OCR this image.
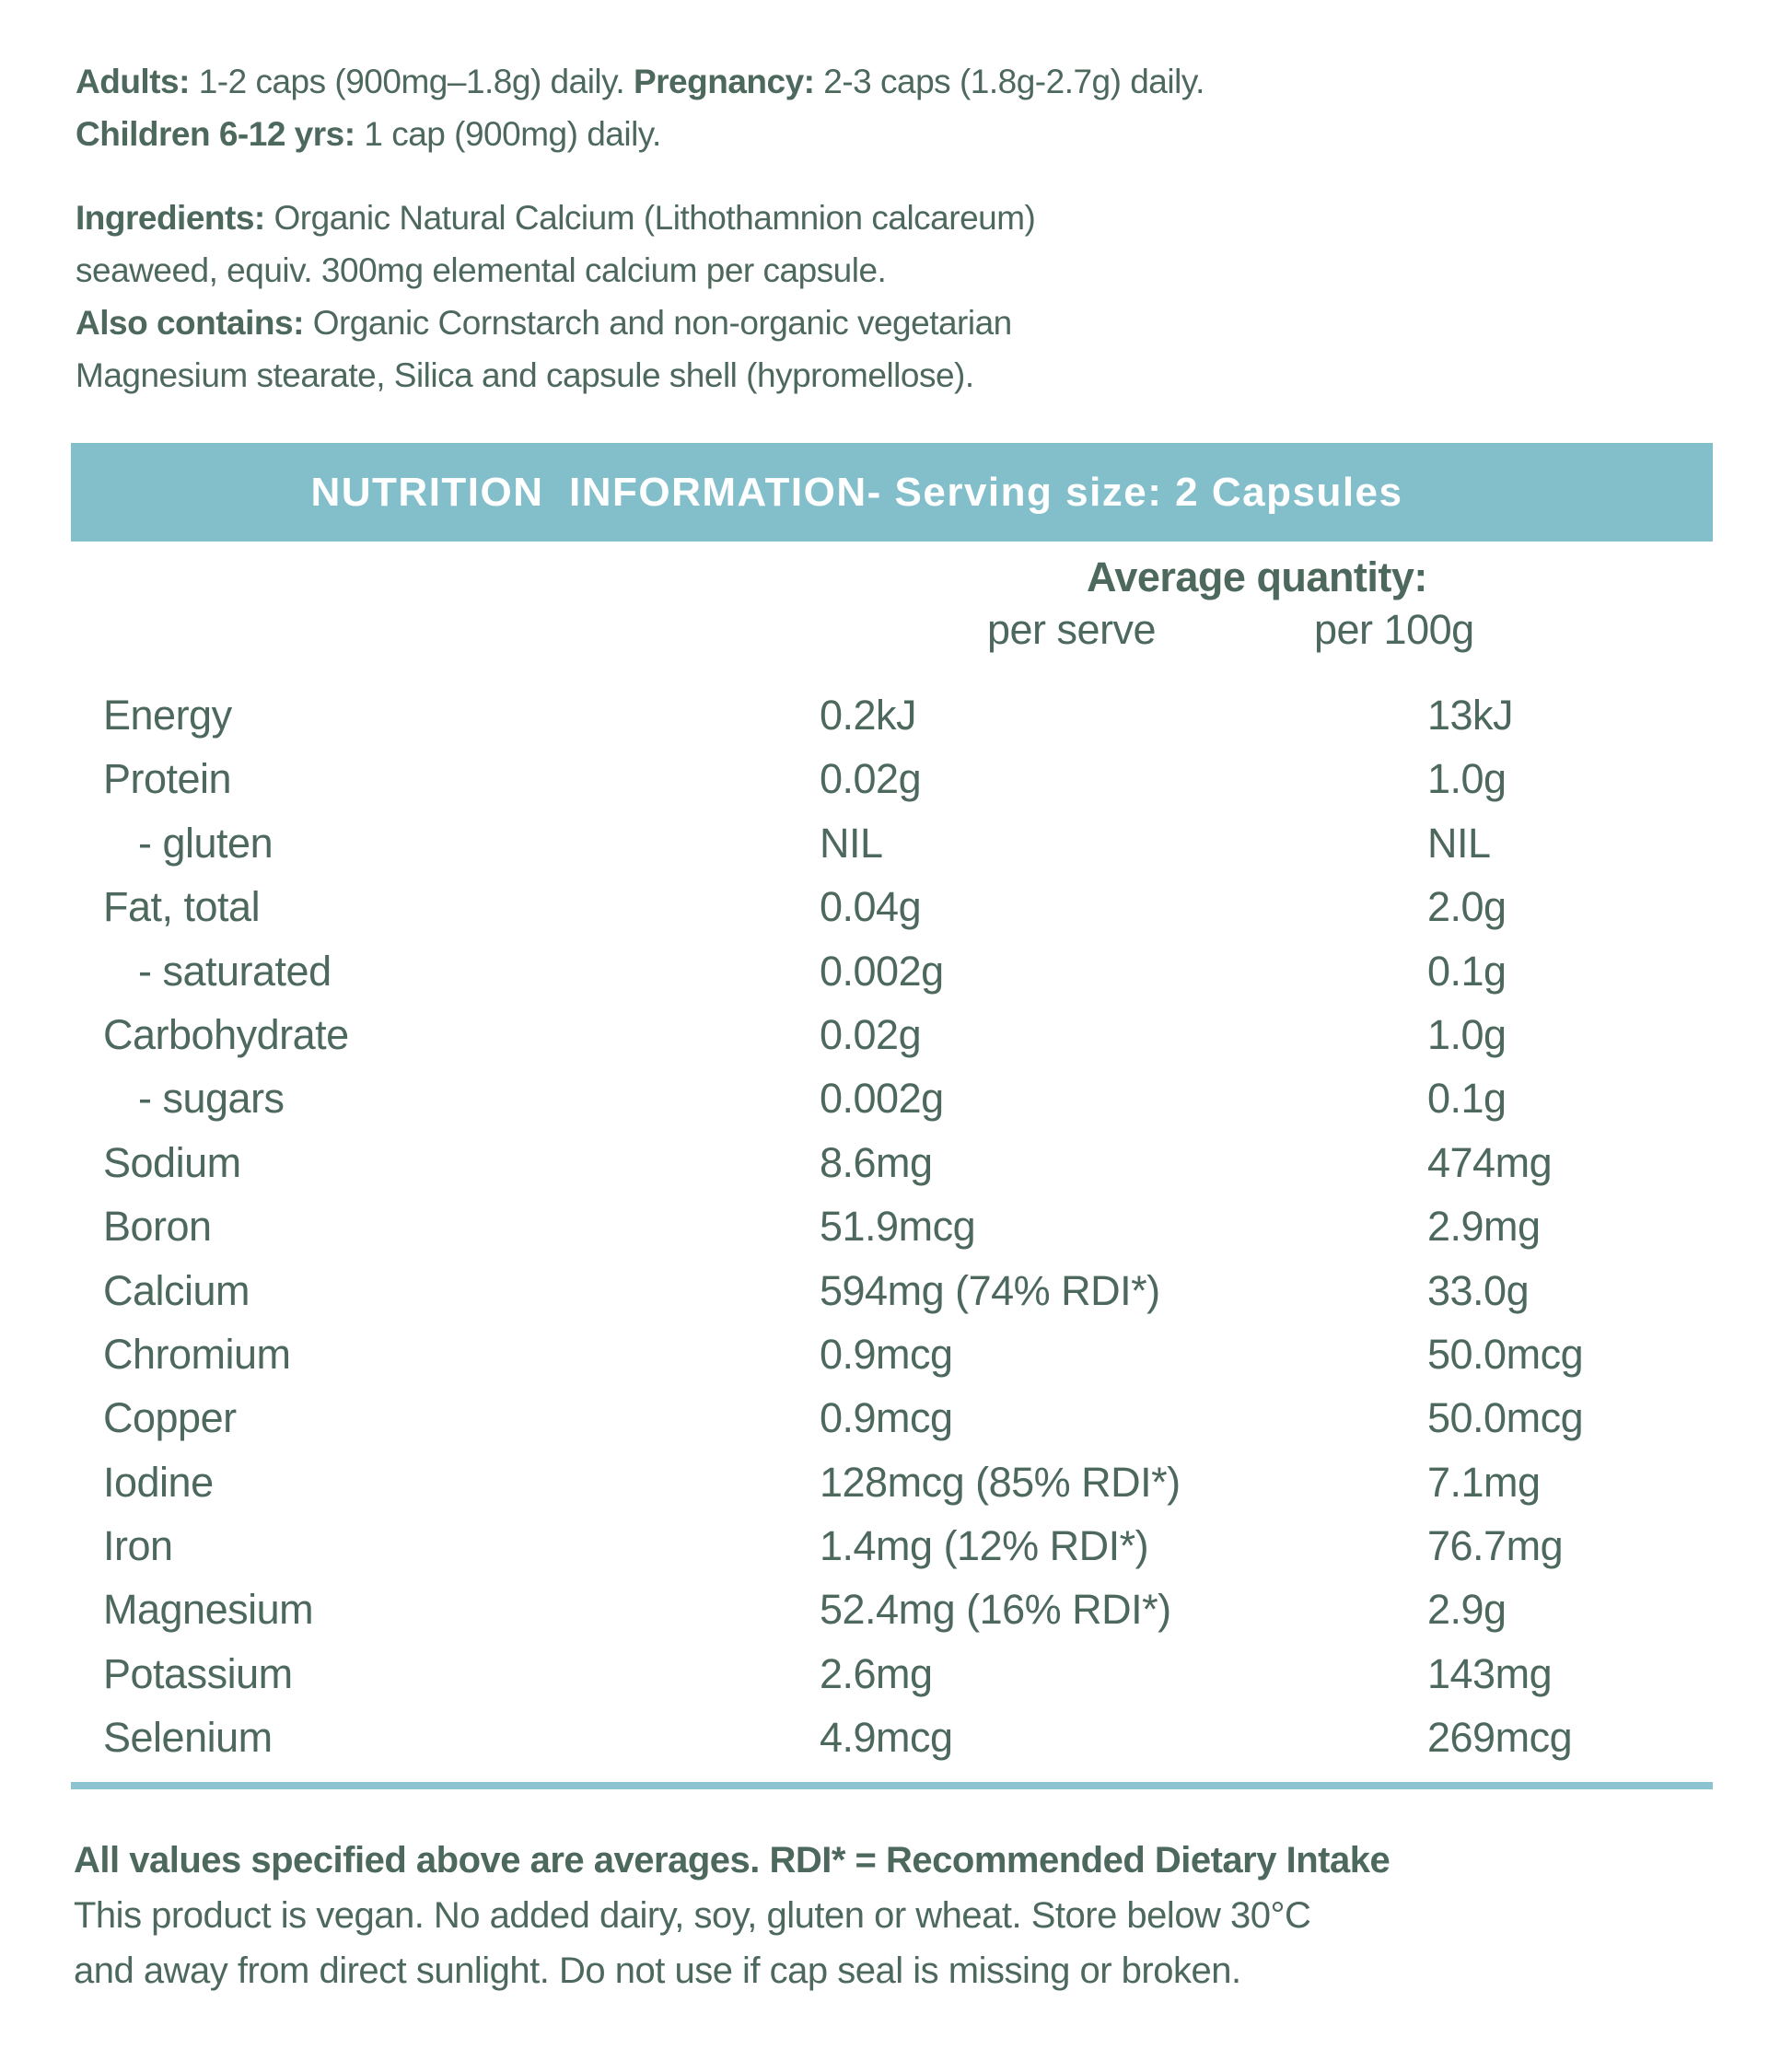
Adults: 1-2 caps (900mg–1.8g) daily. Pregnancy: 2-3 caps (1.8g-2.7g) daily.
Children 6-12 yrs: 1 cap (900mg) daily.
Ingredients: Organic Natural Calcium (Lithothamnion calcareum)
seaweed, equiv. 300mg elemental calcium per capsule.
Also contains: Organic Cornstarch and non-organic vegetarian
Magnesium stearate, Silica and capsule shell (hypromellose).
NUTRITION  INFORMATION- Serving size: 2 Capsules
Average quantity:
per serve	per 100g
Energy	0.2kJ	13kJ
Protein	0.02g	1.0g
- gluten	NIL	NIL
Fat, total	0.04g	2.0g
- saturated	0.002g	0.1g
Carbohydrate	0.02g	1.0g
- sugars	0.002g	0.1g
Sodium	8.6mg	474mg
Boron	51.9mcg	2.9mg
Calcium	594mg (74% RDI*)	33.0g
Chromium	0.9mcg	50.0mcg
Copper	0.9mcg	50.0mcg
Iodine	128mcg (85% RDI*)	7.1mg
Iron	1.4mg (12% RDI*)	76.7mg
Magnesium	52.4mg (16% RDI*)	2.9g
Potassium	2.6mg	143mg
Selenium	4.9mcg	269mcg
All values specified above are averages. RDI* = Recommended Dietary Intake
This product is vegan. No added dairy, soy, gluten or wheat. Store below 30°C
and away from direct sunlight. Do not use if cap seal is missing or broken.
